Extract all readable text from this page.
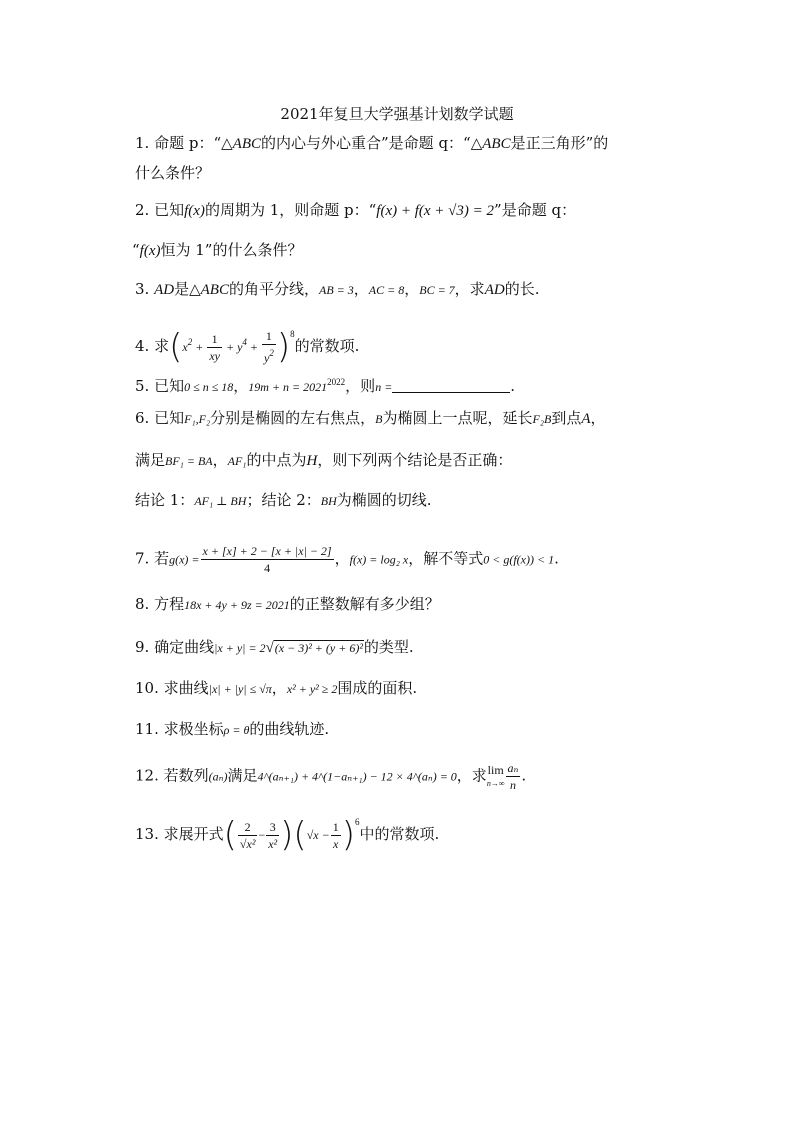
2021年复旦大学强基计划数学试题
1. 命题 p：“△ABC的内心与外心重合”是命题 q：“△ABC是正三角形”的
什么条件？
2. 已知f(x)的周期为 1，则命题 p：“f(x) + f(x + √3) = 2”是命题 q：
“f(x)恒为 1”的什么条件？
3. AD是△ABC的角平分线，AB = 3，AC = 8，BC = 7，求AD的长.
4. 求$(x^2 + \frac{1}{xy} + y^4 + \frac{1}{y^2} )^8$的常数项.
5. 已知0 ≤ n ≤ 18，$19m + n = 2021^{2022}$，则n =	.
6. 已知F₁,F₂分别是椭圆的左右焦点，B为椭圆上一点呢，延长F₂B到点A，
满足BF₁ = BA，AF₁的中点为H，则下列两个结论是否正确：
结论 1：AF₁ ⊥ BH；结论 2：BH为椭圆的切线.
7. 若$g(x) = \frac{x + [x] + 2 - [x + |x| - 2]}{4}$ ，f(x) = log₂ x，解不等式0 < g(f(x)) < 1.
8. 方程18x + 4y + 9z = 2021的正整数解有多少组？
9. 确定曲线|x + y| = 2√(x − 3)² + (y + 6)²的类型.
10. 求曲线|x| + |y| ≤ √π，x² + y² ≥ 2围成的面积.
11. 求极坐标ρ = θ的曲线轨迹.
12. 若数列(aₙ)满足4^(aₙ₊₁) + 4^(1−aₙ₊₁) − 12 × 4^(aₙ) = 0，求 lim
$n\to\infty \frac{\text{aₙ}}{n}$ .
13. 求展开式( $\frac{2}{\text{√x²}} - \frac{3}{\text{x²}} )(√x - \frac{1}{x} )^6$中的常数项.
